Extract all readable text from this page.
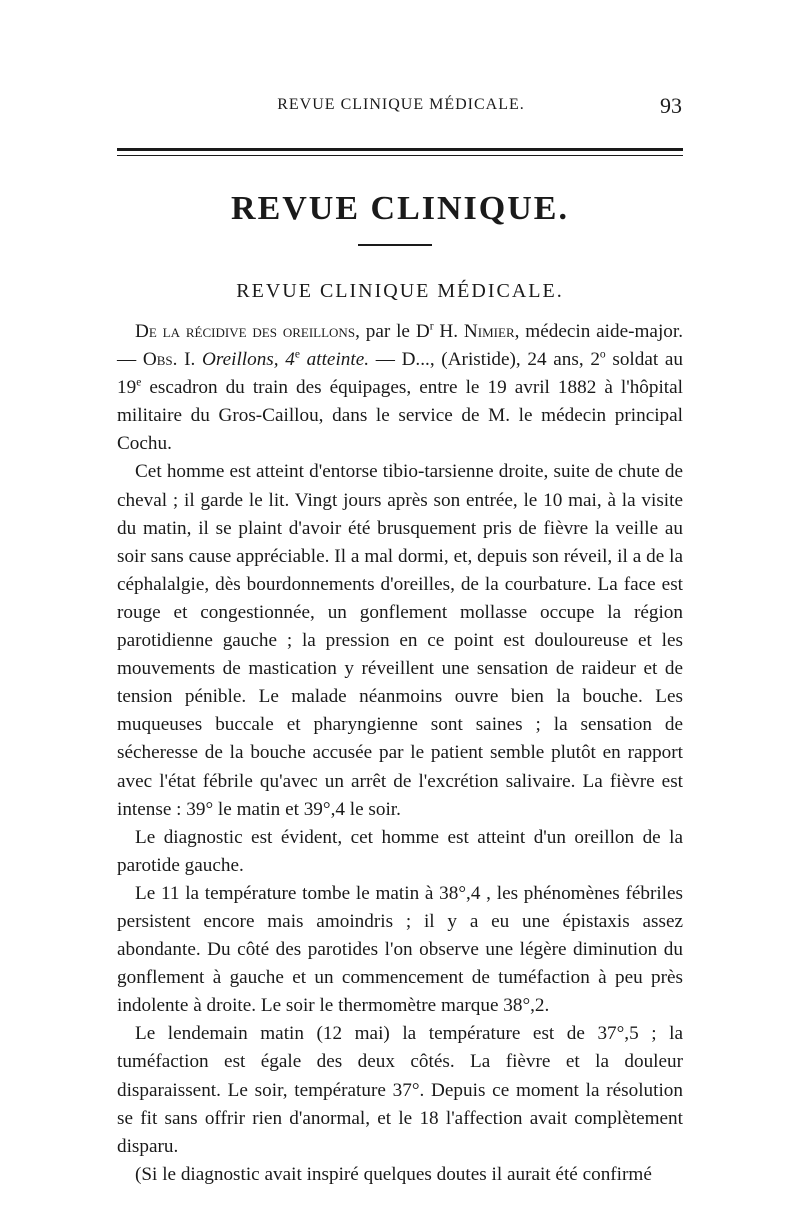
REVUE CLINIQUE MÉDICALE.	93
REVUE CLINIQUE.
REVUE CLINIQUE MÉDICALE.

De la récidive des oreillons, par le $D^r$ H. Nimier, médecin aide-major. — Obs. I. Oreillons, 4e atteinte. — D..., (Aristide), 24 ans, 2$^o$ soldat au 19e escadron du train des équipages, entre le 19 avril 1882 à l'hôpital militaire du Gros-Caillou, dans le service de M. le médecin principal Cochu.

Cet homme est atteint d'entorse tibio-tarsienne droite, suite de chute de cheval ; il garde le lit. Vingt jours après son entrée, le 10 mai, à la visite du matin, il se plaint d'avoir été brusquement pris de fièvre la veille au soir sans cause appréciable. Il a mal dormi, et, depuis son réveil, il a de la céphalalgie, dès bourdonnements d'oreilles, de la courbature. La face est rouge et congestionnée, un gonflement mollasse occupe la région parotidienne gauche ; la pression en ce point est douloureuse et les mouvements de mastication y réveillent une sensation de raideur et de tension pénible. Le malade néanmoins ouvre bien la bouche. Les muqueuses buccale et pharyngienne sont saines ; la sensation de sécheresse de la bouche accusée par le patient semble plutôt en rapport avec l'état fébrile qu'avec un arrêt de l'excrétion salivaire. La fièvre est intense : 39° le matin et 39°,4 le soir.

Le diagnostic est évident, cet homme est atteint d'un oreillon de la parotide gauche.

Le 11 la température tombe le matin à 38°,4 , les phénomènes fébriles persistent encore mais amoindris ; il y a eu une épistaxis assez abondante. Du côté des parotides l'on observe une légère diminution du gonflement à gauche et un commencement de tuméfaction à peu près indolente à droite. Le soir le thermomètre marque 38°,2.

Le lendemain matin (12 mai) la température est de 37°,5 ; la tuméfaction est égale des deux côtés. La fièvre et la douleur disparaissent. Le soir, température 37°. Depuis ce moment la résolution se fit sans offrir rien d'anormal, et le 18 l'affection avait complètement disparu.

(Si le diagnostic avait inspiré quelques doutes il aurait été confirmé
